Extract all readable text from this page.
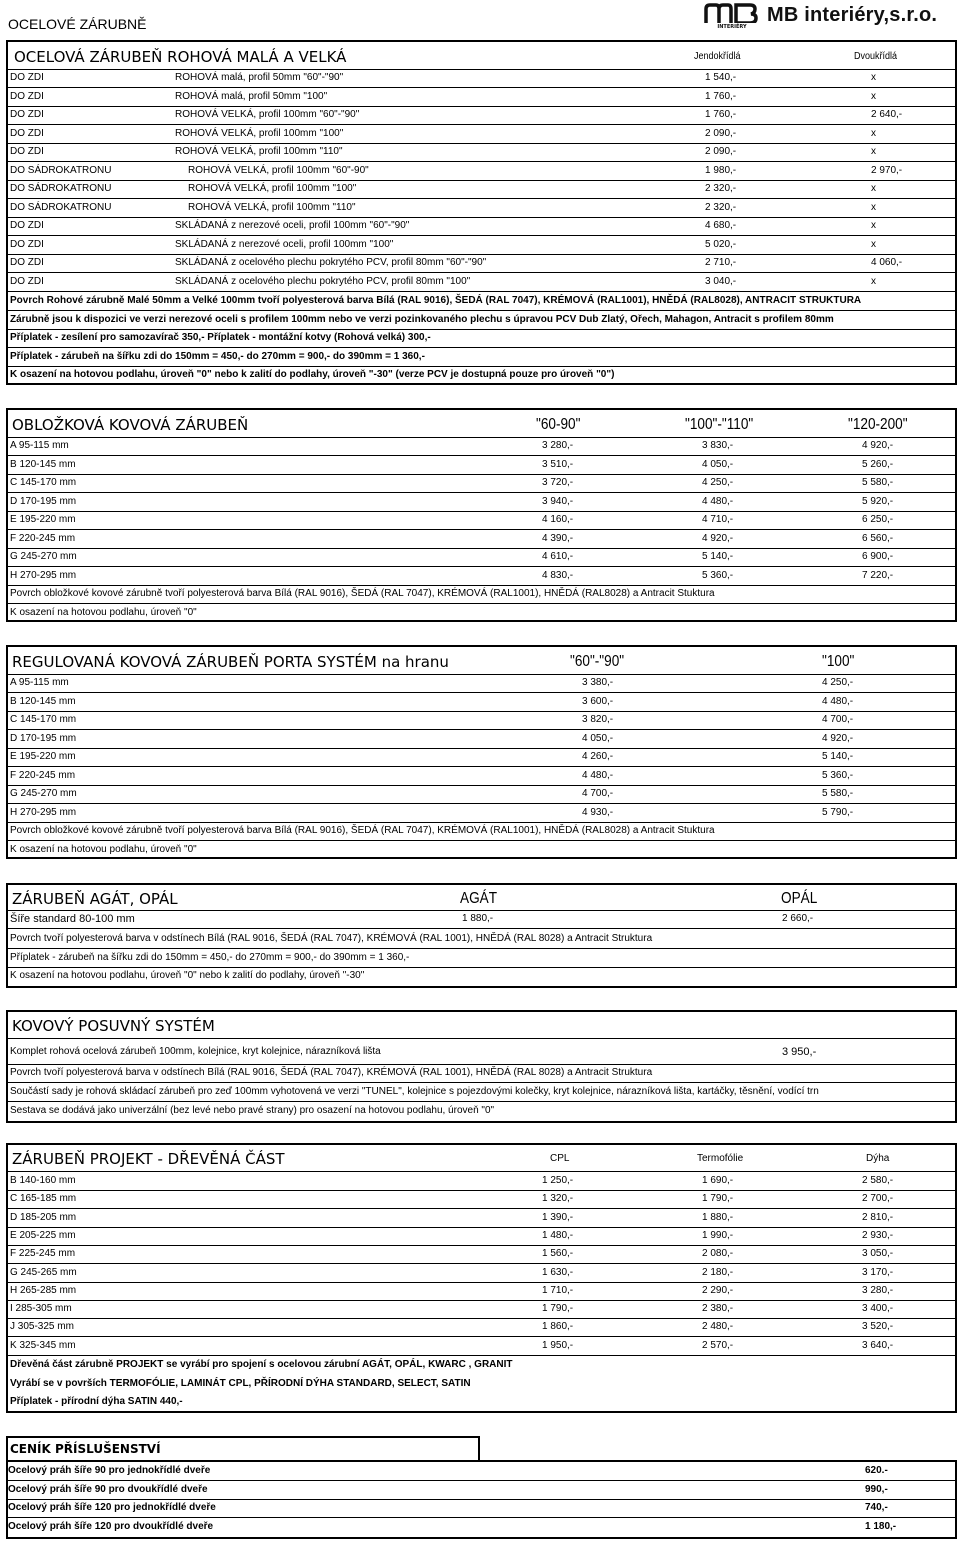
OCELOVÉ ZÁRUBNĚ	INTERIÉRY
MB interiéry,s.r.o.
OCELOVÁ ZÁRUBEŇ ROHOVÁ MALÁ A VELKÁ	Jendokřídlá	Dvoukřídlá
DO ZDI	ROHOVÁ malá, profil 50mm "60"-"90"	1 540,-	x
DO ZDI	ROHOVÁ malá, profil 50mm "100"	1 760,-	x
DO ZDI	ROHOVÁ VELKÁ, profil 100mm "60"-"90"	1 760,-	2 640,-
DO ZDI	ROHOVÁ VELKÁ, profil 100mm "100"	2 090,-	x
DO ZDI	ROHOVÁ VELKÁ, profil 100mm "110"	2 090,-	x
DO SÁDROKATRONU	ROHOVÁ VELKÁ, profil 100mm "60"-90"	1 980,-	2 970,-
DO SÁDROKATRONU	ROHOVÁ VELKÁ, profil 100mm "100"	2 320,-	x
DO SÁDROKATRONU	ROHOVÁ VELKÁ, profil 100mm "110"	2 320,-	x
DO ZDI	SKLÁDANÁ z nerezové oceli, profil 100mm "60"-"90"	4 680,-	x
DO ZDI	SKLÁDANÁ z nerezové oceli, profil 100mm "100"	5 020,-	x
DO ZDI	SKLÁDANÁ z ocelového plechu pokrytého PCV, profil 80mm "60"-"90"	2 710,-	4 060,-
DO ZDI	SKLÁDANÁ z ocelového plechu pokrytého PCV, profil 80mm "100"	3 040,-	x
Povrch Rohové zárubně Malé 50mm a Velké 100mm tvoří polyesterová barva Bílá (RAL 9016), ŠEDÁ (RAL 7047), KRÉMOVÁ (RAL1001), HNĚDÁ (RAL8028), ANTRACIT STRUKTURA
Zárubně jsou k dispozici ve verzi nerezové oceli s profilem 100mm nebo ve verzi pozinkovaného plechu s úpravou PCV Dub Zlatý, Ořech, Mahagon, Antracit s profilem 80mm
Příplatek - zesílení pro samozavírač 350,- Příplatek - montážní kotvy (Rohová velká) 300,-
Příplatek - zárubeň na šířku zdi do 150mm = 450,- do 270mm = 900,- do 390mm = 1 360,-
K osazení na hotovou podlahu, úroveň "0" nebo k zalití do podlahy, úroveň "-30" (verze PCV je dostupná pouze pro úroveň "0")
OBLOŽKOVÁ KOVOVÁ ZÁRUBEŇ	"60-90"	"100"-"110"	"120-200"
A 95-115 mm	3 280,-	3 830,-	4 920,-
B 120-145 mm	3 510,-	4 050,-	5 260,-
C 145-170 mm	3 720,-	4 250,-	5 580,-
D 170-195 mm	3 940,-	4 480,-	5 920,-
E 195-220 mm	4 160,-	4 710,-	6 250,-
F 220-245 mm	4 390,-	4 920,-	6 560,-
G 245-270 mm	4 610,-	5 140,-	6 900,-
H 270-295 mm	4 830,-	5 360,-	7 220,-
Povrch obložkové kovové zárubně tvoří polyesterová barva Bílá (RAL 9016), ŠEDÁ (RAL 7047), KRÉMOVÁ (RAL1001), HNĚDÁ (RAL8028) a Antracit Stuktura
K osazení na hotovou podlahu, úroveň "0"
REGULOVANÁ KOVOVÁ ZÁRUBEŇ PORTA SYSTÉM na hranu	"60"-"90"	"100"
A 95-115 mm	3 380,-	4 250,-
B 120-145 mm	3 600,-	4 480,-
C 145-170 mm	3 820,-	4 700,-
D 170-195 mm	4 050,-	4 920,-
E 195-220 mm	4 260,-	5 140,-
F 220-245 mm	4 480,-	5 360,-
G 245-270 mm	4 700,-	5 580,-
H 270-295 mm	4 930,-	5 790,-
Povrch obložkové kovové zárubně tvoří polyesterová barva Bílá (RAL 9016), ŠEDÁ (RAL 7047), KRÉMOVÁ (RAL1001), HNĚDÁ (RAL8028) a Antracit Stuktura
K osazení na hotovou podlahu, úroveň "0"
ZÁRUBEŇ AGÁT, OPÁL	AGÁT	OPÁL
Šíře standard 80-100 mm	1 880,-	2 660,-
Povrch tvoří polyesterová barva v odstínech Bílá (RAL 9016, ŠEDÁ (RAL 7047), KRÉMOVÁ (RAL 1001), HNĚDÁ (RAL 8028) a Antracit Struktura
Příplatek - zárubeň na šířku zdi do 150mm = 450,- do 270mm = 900,- do 390mm = 1 360,-
K osazení na hotovou podlahu, úroveň "0" nebo k zalití do podlahy, úroveň "-30"
KOVOVÝ POSUVNÝ SYSTÉM
Komplet rohová ocelová zárubeň 100mm, kolejnice, kryt kolejnice, nárazníková lišta	3 950,-
Povrch tvoří polyesterová barva v odstínech Bílá (RAL 9016, ŠEDÁ (RAL 7047), KRÉMOVÁ (RAL 1001), HNĚDÁ (RAL 8028) a Antracit Struktura
Součástí sady je rohová skládací zárubeň pro zeď 100mm vyhotovená ve verzi "TUNEL", kolejnice s pojezdovými kolečky, kryt kolejnice, nárazníková lišta, kartáčky, těsnění, vodící trn
Sestava se dodává jako univerzální (bez levé nebo pravé strany) pro osazení na hotovou podlahu, úroveň "0"
ZÁRUBEŇ PROJEKT - DŘEVĚNÁ ČÁST	CPL	Termofólie	Dýha
B 140-160 mm	1 250,-	1 690,-	2 580,-
C 165-185 mm	1 320,-	1 790,-	2 700,-
D 185-205 mm	1 390,-	1 880,-	2 810,-
E 205-225 mm	1 480,-	1 990,-	2 930,-
F 225-245 mm	1 560,-	2 080,-	3 050,-
G 245-265 mm	1 630,-	2 180,-	3 170,-
H 265-285 mm	1 710,-	2 290,-	3 280,-
I 285-305 mm	1 790,-	2 380,-	3 400,-
J 305-325 mm	1 860,-	2 480,-	3 520,-
K 325-345 mm	1 950,-	2 570,-	3 640,-
Dřevěná část zárubně PROJEKT se vyrábí pro spojení s ocelovou zárubní AGÁT, OPÁL, KWARC , GRANIT
Vyrábí se v površích TERMOFÓLIE, LAMINÁT CPL, PŘÍRODNÍ DÝHA STANDARD, SELECT, SATIN
Příplatek - přírodní dýha SATIN 440,-
CENÍK PŘÍSLUŠENSTVÍ
Ocelový práh šíře 90 pro jednokřídlé dveře	620.-
Ocelový práh šíře 90 pro dvoukřídlé dveře	990,-
Ocelový práh šíře 120 pro jednokřídlé dveře	740,-
Ocelový práh šíře 120 pro dvoukřídlé dveře	1 180,-
